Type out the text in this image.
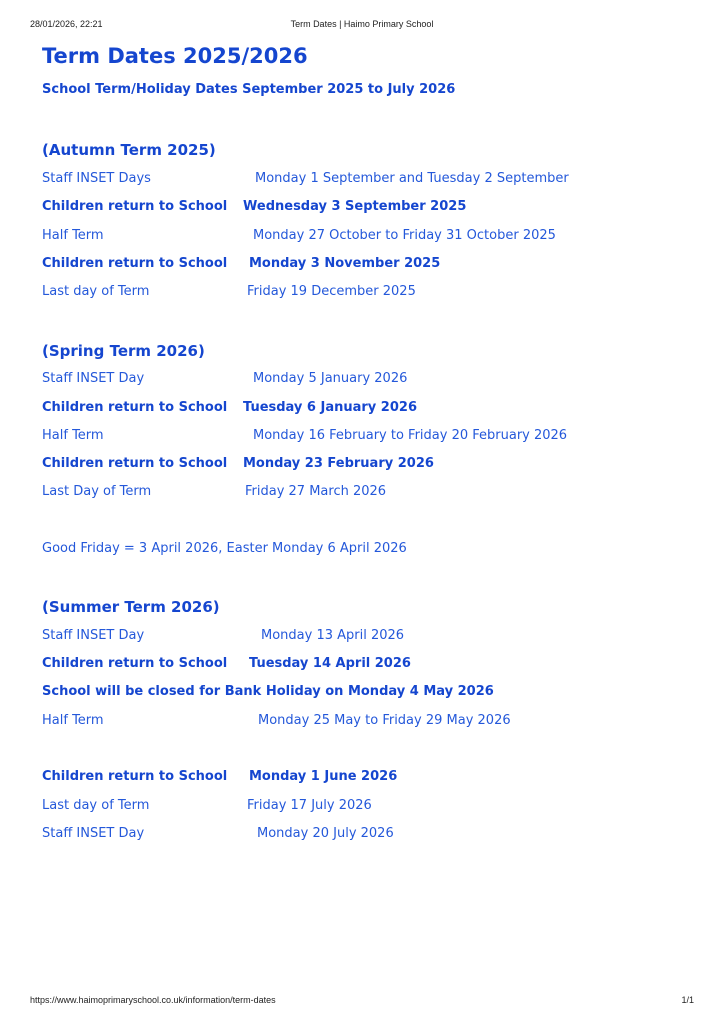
28/01/2026, 22:21	Term Dates | Haimo Primary School
Term Dates 2025/2026
School Term/Holiday Dates September 2025 to July 2026
(Autumn Term 2025)
Staff INSET Days	Monday 1 September and Tuesday 2 September
Children return to School Wednesday 3 September 2025
Half Term	Monday 27 October to Friday 31 October 2025
Children return to School Monday 3 November 2025
Last day of Term	Friday 19 December 2025
(Spring Term 2026)
Staff INSET Day	Monday 5 January 2026
Children return to School Tuesday 6 January 2026
Half Term	Monday 16 February to Friday 20 February 2026
Children return to School Monday 23 February 2026
Last Day of Term	Friday 27 March 2026
Good Friday = 3 April 2026, Easter Monday 6 April 2026
(Summer Term 2026)
Staff INSET Day	Monday 13 April 2026
Children return to School Tuesday 14 April 2026
School will be closed for Bank Holiday on Monday 4 May 2026
Half Term	Monday 25 May to Friday 29 May 2026
Children return to School Monday 1 June 2026
Last day of Term	Friday 17 July 2026
Staff INSET Day	Monday 20 July 2026
https://www.haimoprimaryschool.co.uk/information/term-dates	1/1
